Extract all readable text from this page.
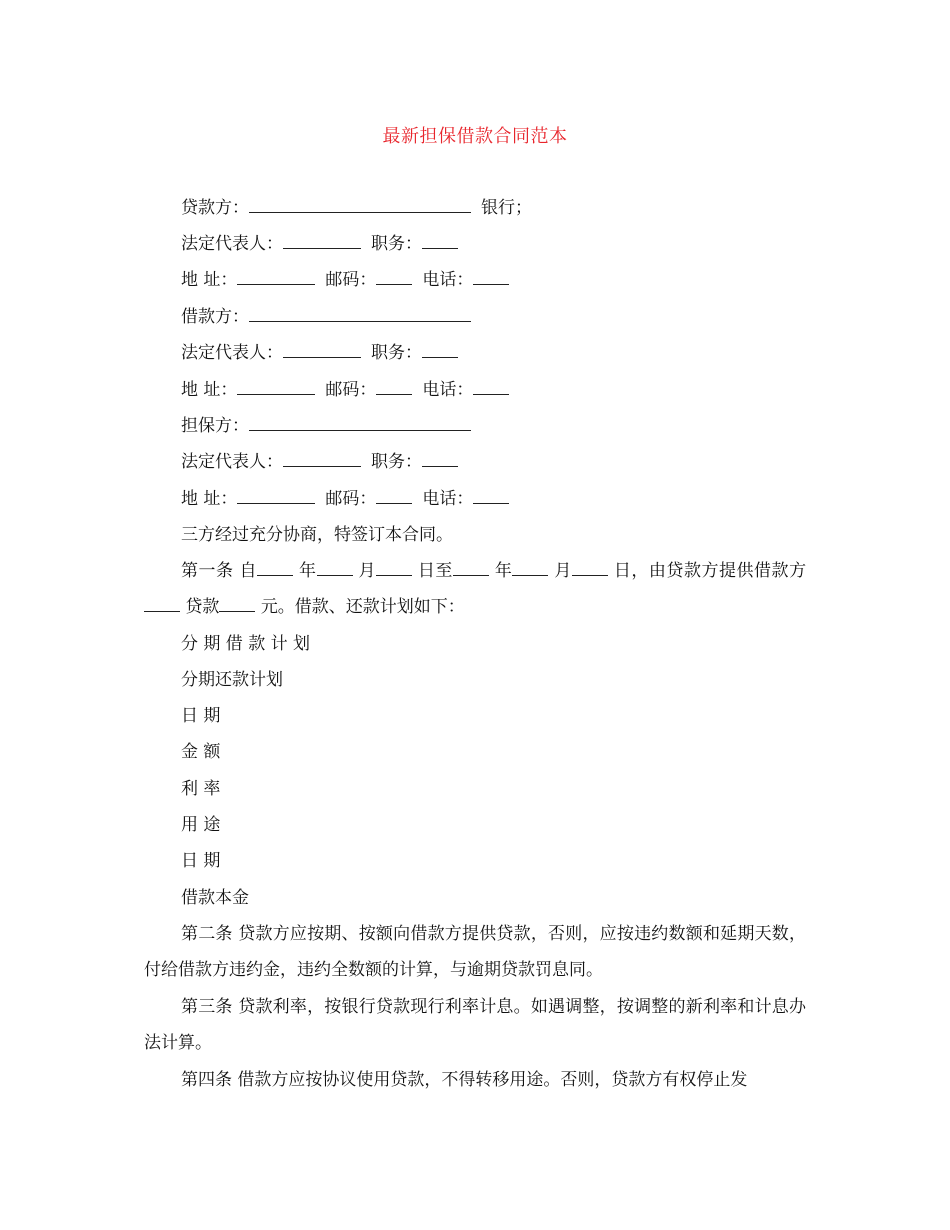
最新担保借款合同范本
贷款方：	银行；
法定代表人：	职务：
地 址：	邮码：	电话：
借款方：
法定代表人：	职务：
地 址：	邮码：	电话：
担保方：
法定代表人：	职务：
地 址：	邮码：	电话：
三方经过充分协商，特签订本合同。
第一条 自 年 月 日至 年 月 日，由贷款方提供借款方 贷款 元。借款、还款计划如下：
分 期 借 款 计 划
分期还款计划
日 期
金 额
利 率
用 途
日 期
借款本金
第二条 贷款方应按期、按额向借款方提供贷款，否则，应按违约数额和延期天数，付给借款方违约金，违约全数额的计算，与逾期贷款罚息同。
第三条 贷款利率，按银行贷款现行利率计息。如遇调整，按调整的新利率和计息办法计算。
第四条 借款方应按协议使用贷款，不得转移用途。否则，贷款方有权停止发
